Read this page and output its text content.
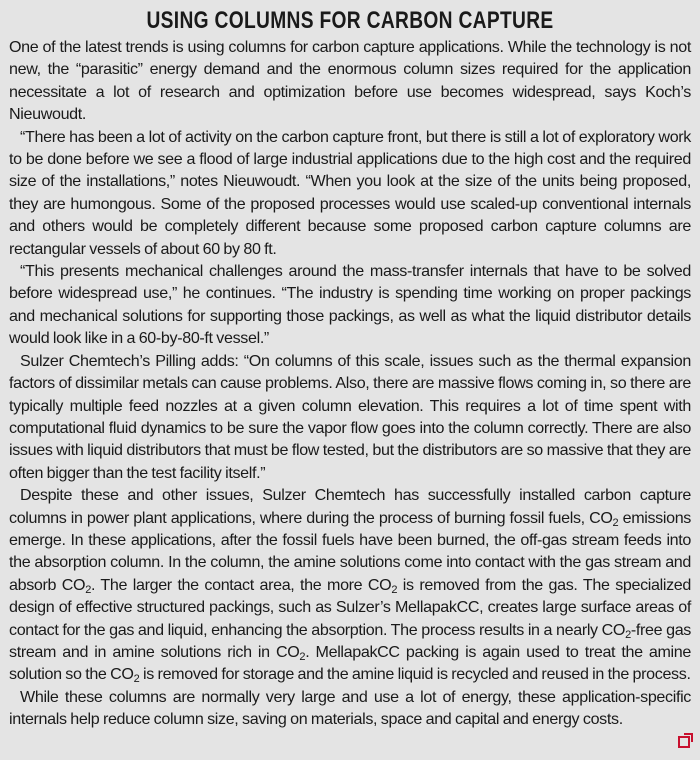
USING COLUMNS FOR CARBON CAPTURE

One of the latest trends is using columns for carbon capture applications. While the technology is not new, the “parasitic” energy demand and the enormous column sizes required for the application necessitate a lot of research and optimization before use becomes widespread, says Koch’s Nieuwoudt.

“There has been a lot of activity on the carbon capture front, but there is still a lot of exploratory work to be done before we see a flood of large industrial applications due to the high cost and the required size of the installations,” notes Nieuwoudt. “When you look at the size of the units being proposed, they are humongous. Some of the proposed processes would use scaled-up conventional internals and others would be completely different because some proposed carbon capture columns are rectangular vessels of about 60 by 80 ft.

“This presents mechanical challenges around the mass-transfer internals that have to be solved before widespread use,” he continues. “The industry is spending time working on proper packings and mechanical solutions for supporting those packings, as well as what the liquid distributor details would look like in a 60-by-80-ft vessel.”

Sulzer Chemtech’s Pilling adds: “On columns of this scale, issues such as the thermal expansion factors of dissimilar metals can cause problems. Also, there are massive flows coming in, so there are typically multiple feed nozzles at a given column elevation. This requires a lot of time spent with computational fluid dynamics to be sure the vapor flow goes into the column correctly. There are also issues with liquid distributors that must be flow tested, but the distributors are so massive that they are often bigger than the test facility itself.”

Despite these and other issues, Sulzer Chemtech has successfully installed carbon capture columns in power plant applications, where during the process of burning fossil fuels, $CO_2$ emissions emerge. In these applications, after the fossil fuels have been burned, the off-gas stream feeds into the absorption column. In the column, the amine solutions come into contact with the gas stream and absorb $CO_2$. The larger the contact area, the more $CO_2$ is removed from the gas. The specialized design of effective structured packings, such as Sulzer’s MellapakCC, creates large surface areas of contact for the gas and liquid, enhancing the absorption. The process results in a nearly $CO_2$-free gas stream and in amine solutions rich in $CO_2$. MellapakCC packing is again used to treat the amine solution so the $CO_2$ is removed for storage and the amine liquid is recycled and reused in the process.

While these columns are normally very large and use a lot of energy, these application-specific internals help reduce column size, saving on materials, space and capital and energy costs.
